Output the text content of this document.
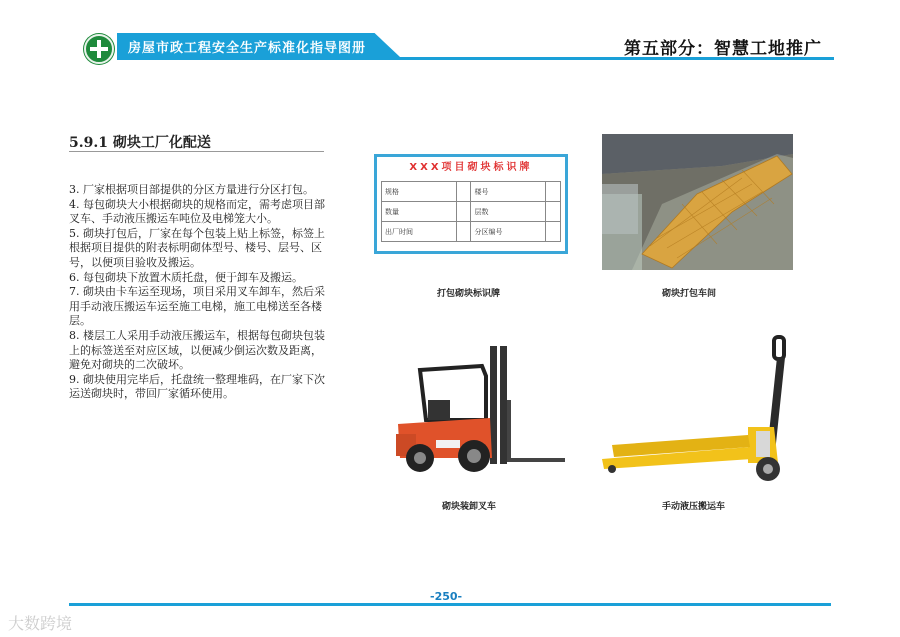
房屋市政工程安全生产标准化指导图册	第五部分：智慧工地推广
5.9.1 砌块工厂化配送

3. 厂家根据项目部提供的分区方量进行分区打包。

4. 每包砌块大小根据砌块的规格而定，需考虑项目部叉车、手动液压搬运车吨位及电梯笼大小。

5. 砌块打包后，厂家在每个包装上贴上标签，标签上根据项目提供的附表标明砌体型号、楼号、层号、区号，以便项目验收及搬运。

6. 每包砌块下放置木质托盘，便于卸车及搬运。

7. 砌块由卡车运至现场，项目采用叉车卸车，然后采用手动液压搬运车运至施工电梯，施工电梯送至各楼层。

8. 楼层工人采用手动液压搬运车，根据每包砌块包装上的标签送至对应区域，以便减少倒运次数及距离，避免对砌块的二次破坏。

9. 砌块使用完毕后，托盘统一整理堆码，在厂家下次运送砌块时，带回厂家循环使用。

XXX项目砌块标识牌
规格		楼号	
数量		层数	
出厂时间		分区编号	
打包砌块标识牌	砌块打包车间
砌块装卸叉车	手动液压搬运车
-250-
大数跨境
